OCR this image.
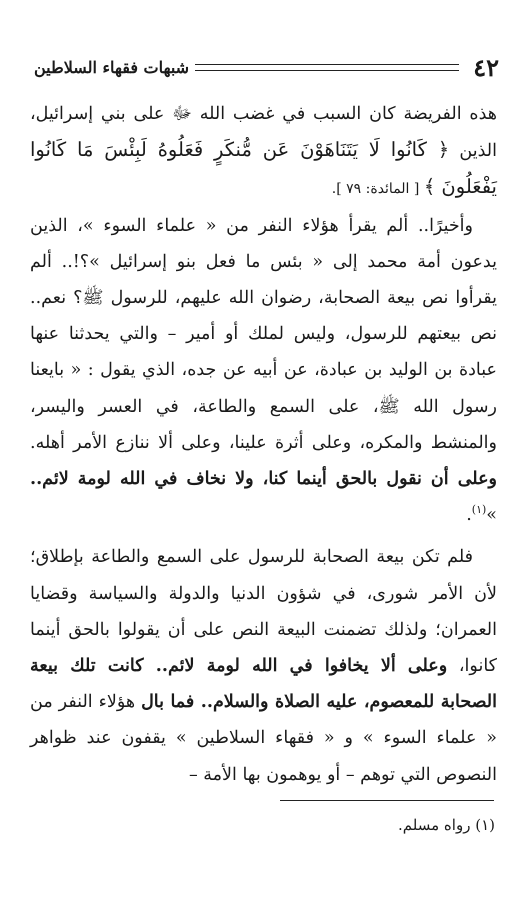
٤٢
شبهات فقهاء السلاطين

هذه الفريضة كان السبب في غضب الله ﷻ على بني إسرائيل، الذين ﴿ كَانُوا لَا يَتَنَاهَوْنَ عَن مُّنكَرٍ فَعَلُوهُ لَبِئْسَ مَا كَانُوا يَفْعَلُونَ ﴾ [ المائدة: ٧٩ ].

وأخيرًا.. ألم يقرأ هؤلاء النفر من « علماء السوء »، الذين يدعون أمة محمد إلى « بئس ما فعل بنو إسرائيل »؟!.. ألم يقرأوا نص بيعة الصحابة، رضوان الله عليهم، للرسول ﷺ؟ نعم.. نص بيعتهم للرسول، وليس لملك أو أمير – والتي يحدثنا عنها عبادة بن الوليد بن عبادة، عن أبيه عن جده، الذي يقول : « بايعنا رسول الله ﷺ، على السمع والطاعة، في العسر واليسر، والمنشط والمكره، وعلى أثرة علينا، وعلى ألا ننازع الأمر أهله. وعلى أن نقول بالحق أينما كنا، ولا نخاف في الله لومة لائم.. »$^{(١)}$.

فلم تكن بيعة الصحابة للرسول على السمع والطاعة بإطلاق؛ لأن الأمر شورى، في شؤون الدنيا والدولة والسياسة وقضايا العمران؛ ولذلك تضمنت البيعة النص على أن يقولوا بالحق أينما كانوا، وعلى ألا يخافوا في الله لومة لائم.. كانت تلك بيعة الصحابة للمعصوم، عليه الصلاة والسلام.. فما بال هؤلاء النفر من « علماء السوء » و « فقهاء السلاطين » يقفون عند ظواهر النصوص التي توهم – أو يوهمون بها الأمة –

(١) رواه مسلم.
